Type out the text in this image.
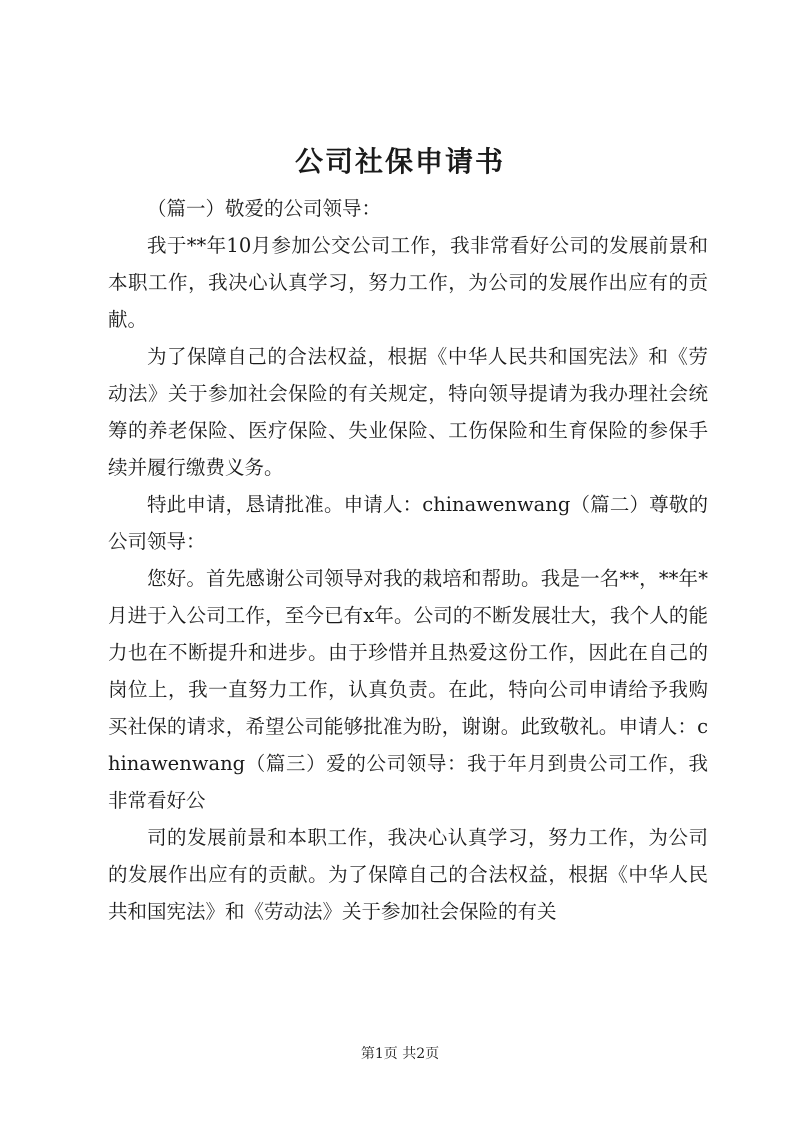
公司社保申请书

（篇一）敬爱的公司领导：

我于**年10月参加公交公司工作，我非常看好公司的发展前景和本职工作，我决心认真学习，努力工作，为公司的发展作出应有的贡献。

为了保障自己的合法权益，根据《中华人民共和国宪法》和《劳动法》关于参加社会保险的有关规定，特向领导提请为我办理社会统筹的养老保险、医疗保险、失业保险、工伤保险和生育保险的参保手续并履行缴费义务。

特此申请，恳请批准。申请人：chinawenwang（篇二）尊敬的公司领导：

您好。首先感谢公司领导对我的栽培和帮助。我是一名**，**年*月进于入公司工作，至今已有x年。公司的不断发展壮大，我个人的能力也在不断提升和进步。由于珍惜并且热爱这份工作，因此在自己的岗位上，我一直努力工作，认真负责。在此，特向公司申请给予我购买社保的请求，希望公司能够批准为盼，谢谢。此致敬礼。申请人：chinawenwang（篇三）爱的公司领导：我于年月到贵公司工作，我非常看好公

司的发展前景和本职工作，我决心认真学习，努力工作，为公司的发展作出应有的贡献。为了保障自己的合法权益，根据《中华人民共和国宪法》和《劳动法》关于参加社会保险的有关

第1页 共2页
